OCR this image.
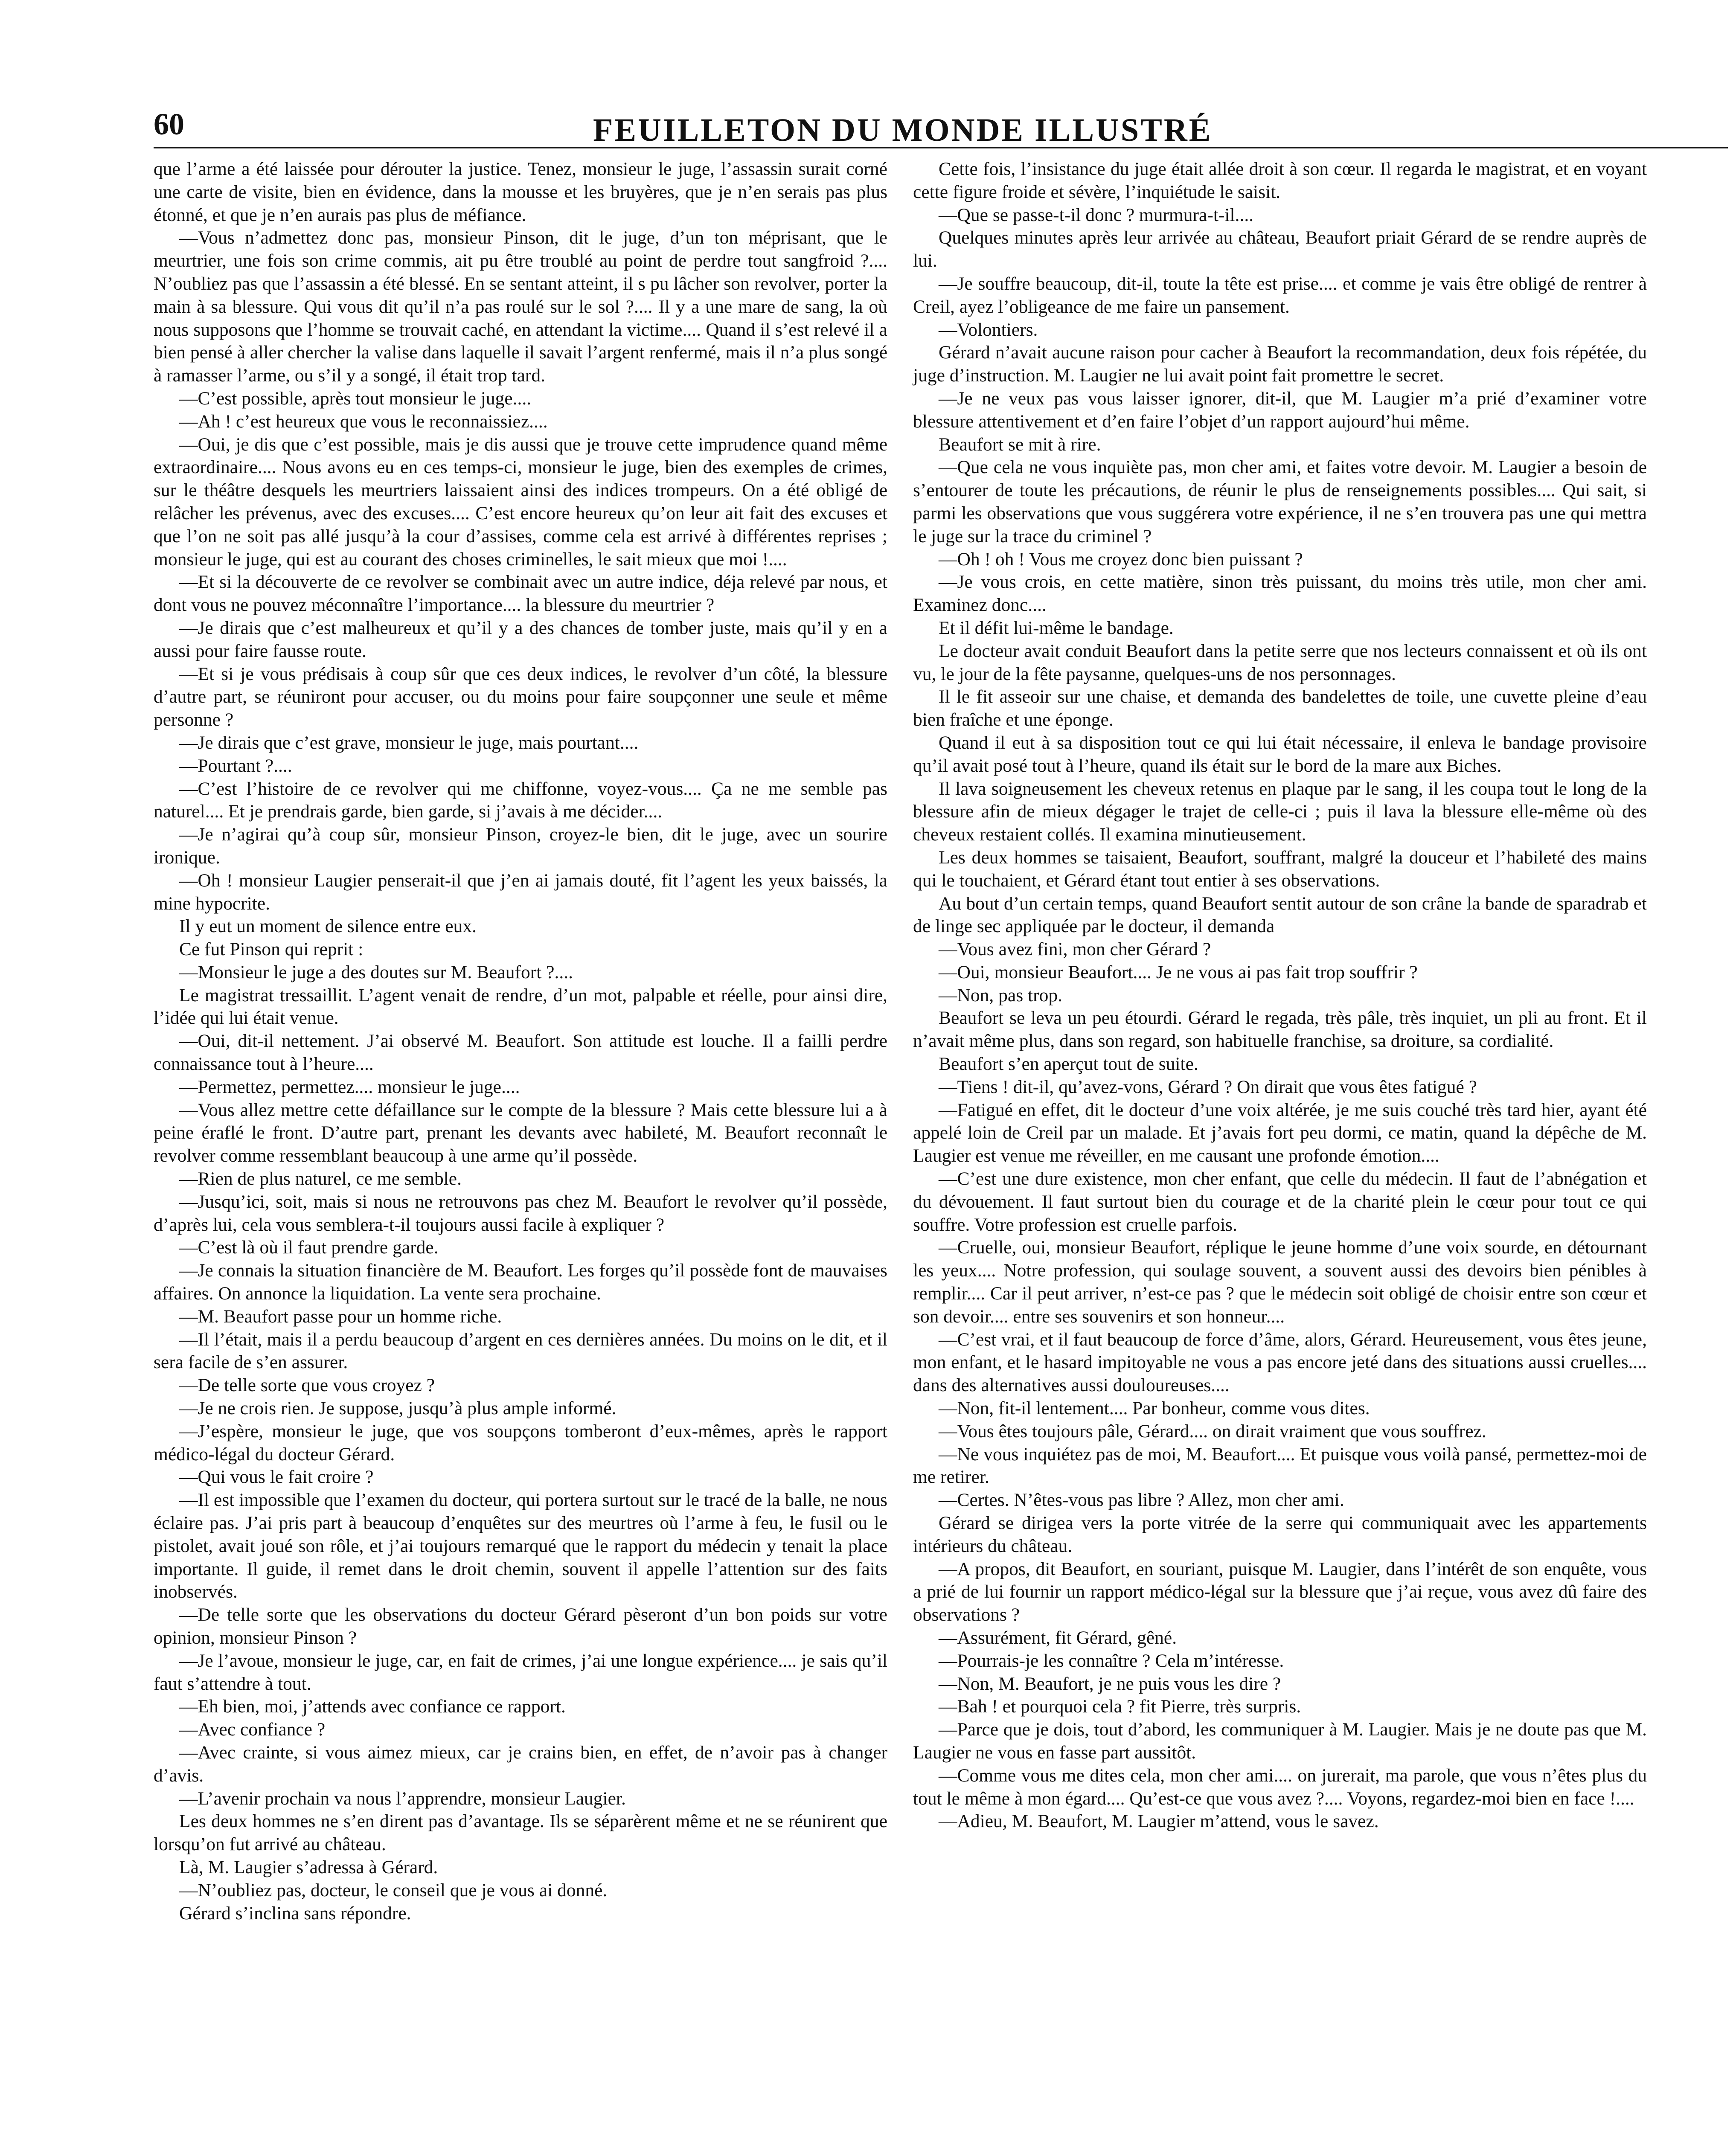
60	FEUILLETON DU MONDE ILLUSTRÉ

que l’arme a été laissée pour dérouter la justice. Tenez, monsieur le juge, l’assassin surait corné une carte de visite, bien en évidence, dans la mousse et les bruyères, que je n’en serais pas plus étonné, et que je n’en aurais pas plus de méfiance.

—Vous n’admettez donc pas, monsieur Pinson, dit le juge, d’un ton méprisant, que le meurtrier, une fois son crime commis, ait pu être troublé au point de perdre tout sangfroid ?.... N’oubliez pas que l’assassin a été blessé. En se sentant atteint, il s pu lâcher son revolver, porter la main à sa blessure. Qui vous dit qu’il n’a pas roulé sur le sol ?.... Il y a une mare de sang, la où nous supposons que l’homme se trouvait caché, en attendant la victime.... Quand il s’est relevé il a bien pensé à aller chercher la valise dans laquelle il savait l’argent renfermé, mais il n’a plus songé à ramasser l’arme, ou s’il y a songé, il était trop tard.

—C’est possible, après tout monsieur le juge....

—Ah ! c’est heureux que vous le reconnaissiez....

—Oui, je dis que c’est possible, mais je dis aussi que je trouve cette imprudence quand même extraordinaire.... Nous avons eu en ces temps-ci, monsieur le juge, bien des exemples de crimes, sur le théâtre desquels les meurtriers laissaient ainsi des indices trompeurs. On a été obligé de relâcher les prévenus, avec des excuses.... C’est encore heureux qu’on leur ait fait des excuses et que l’on ne soit pas allé jusqu’à la cour d’assises, comme cela est arrivé à différentes reprises ; monsieur le juge, qui est au courant des choses criminelles, le sait mieux que moi !....

—Et si la découverte de ce revolver se combinait avec un autre indice, déja relevé par nous, et dont vous ne pouvez méconnaître l’importance.... la blessure du meurtrier ?

—Je dirais que c’est malheureux et qu’il y a des chances de tomber juste, mais qu’il y en a aussi pour faire fausse route.

—Et si je vous prédisais à coup sûr que ces deux indices, le revolver d’un côté, la blessure d’autre part, se réuniront pour accuser, ou du moins pour faire soupçonner une seule et même personne ?

—Je dirais que c’est grave, monsieur le juge, mais pourtant....

—Pourtant ?....

—C’est l’histoire de ce revolver qui me chiffonne, voyez-vous.... Ça ne me semble pas naturel.... Et je prendrais garde, bien garde, si j’avais à me décider....

—Je n’agirai qu’à coup sûr, monsieur Pinson, croyez-le bien, dit le juge, avec un sourire ironique.

—Oh ! monsieur Laugier penserait-il que j’en ai jamais douté, fit l’agent les yeux baissés, la mine hypocrite.

Il y eut un moment de silence entre eux.

Ce fut Pinson qui reprit :

—Monsieur le juge a des doutes sur M. Beaufort ?....

Le magistrat tressaillit. L’agent venait de rendre, d’un mot, palpable et réelle, pour ainsi dire, l’idée qui lui était venue.

—Oui, dit-il nettement. J’ai observé M. Beaufort. Son attitude est louche. Il a failli perdre connaissance tout à l’heure....

—Permettez, permettez.... monsieur le juge....

—Vous allez mettre cette défaillance sur le compte de la blessure ? Mais cette blessure lui a à peine éraflé le front. D’autre part, prenant les devants avec habileté, M. Beaufort reconnaît le revolver comme ressemblant beaucoup à une arme qu’il possède.

—Rien de plus naturel, ce me semble.

—Jusqu’ici, soit, mais si nous ne retrouvons pas chez M. Beaufort le revolver qu’il possède, d’après lui, cela vous semblera-t-il toujours aussi facile à expliquer ?

—C’est là où il faut prendre garde.

—Je connais la situation financière de M. Beaufort. Les forges qu’il possède font de mauvaises affaires. On annonce la liquidation. La vente sera prochaine.

—M. Beaufort passe pour un homme riche.

—Il l’était, mais il a perdu beaucoup d’argent en ces dernières années. Du moins on le dit, et il sera facile de s’en assurer.

—De telle sorte que vous croyez ?

—Je ne crois rien. Je suppose, jusqu’à plus ample informé.

—J’espère, monsieur le juge, que vos soupçons tomberont d’eux-mêmes, après le rapport médico-légal du docteur Gérard.

—Qui vous le fait croire ?

—Il est impossible que l’examen du docteur, qui portera surtout sur le tracé de la balle, ne nous éclaire pas. J’ai pris part à beaucoup d’enquêtes sur des meurtres où l’arme à feu, le fusil ou le pistolet, avait joué son rôle, et j’ai toujours remarqué que le rapport du médecin y tenait la place importante. Il guide, il remet dans le droit chemin, souvent il appelle l’attention sur des faits inobservés.

—De telle sorte que les observations du docteur Gérard pèseront d’un bon poids sur votre opinion, monsieur Pinson ?

—Je l’avoue, monsieur le juge, car, en fait de crimes, j’ai une longue expérience.... je sais qu’il faut s’attendre à tout.

—Eh bien, moi, j’attends avec confiance ce rapport.

—Avec confiance ?

—Avec crainte, si vous aimez mieux, car je crains bien, en effet, de n’avoir pas à changer d’avis.

—L’avenir prochain va nous l’apprendre, monsieur Laugier.

Les deux hommes ne s’en dirent pas d’avantage. Ils se séparèrent même et ne se réunirent que lorsqu’on fut arrivé au château.

Là, M. Laugier s’adressa à Gérard.

—N’oubliez pas, docteur, le conseil que je vous ai donné.

Gérard s’inclina sans répondre.

Cette fois, l’insistance du juge était allée droit à son cœur. Il regarda le magistrat, et en voyant cette figure froide et sévère, l’inquiétude le saisit.

—Que se passe-t-il donc ? murmura-t-il....

Quelques minutes après leur arrivée au château, Beaufort priait Gérard de se rendre auprès de lui.

—Je souffre beaucoup, dit-il, toute la tête est prise.... et comme je vais être obligé de rentrer à Creil, ayez l’obligeance de me faire un pansement.

—Volontiers.

Gérard n’avait aucune raison pour cacher à Beaufort la recommandation, deux fois répétée, du juge d’instruction. M. Laugier ne lui avait point fait promettre le secret.

—Je ne veux pas vous laisser ignorer, dit-il, que M. Laugier m’a prié d’examiner votre blessure attentivement et d’en faire l’objet d’un rapport aujourd’hui même.

Beaufort se mit à rire.

—Que cela ne vous inquiète pas, mon cher ami, et faites votre devoir. M. Laugier a besoin de s’entourer de toute les précautions, de réunir le plus de renseignements possibles.... Qui sait, si parmi les observations que vous suggérera votre expérience, il ne s’en trouvera pas une qui mettra le juge sur la trace du criminel ?

—Oh ! oh ! Vous me croyez donc bien puissant ?

—Je vous crois, en cette matière, sinon très puissant, du moins très utile, mon cher ami. Examinez donc....

Et il défit lui-même le bandage.

Le docteur avait conduit Beaufort dans la petite serre que nos lecteurs connaissent et où ils ont vu, le jour de la fête paysanne, quelques-uns de nos personnages.

Il le fit asseoir sur une chaise, et demanda des bandelettes de toile, une cuvette pleine d’eau bien fraîche et une éponge.

Quand il eut à sa disposition tout ce qui lui était nécessaire, il enleva le bandage provisoire qu’il avait posé tout à l’heure, quand ils était sur le bord de la mare aux Biches.

Il lava soigneusement les cheveux retenus en plaque par le sang, il les coupa tout le long de la blessure afin de mieux dégager le trajet de celle-ci ; puis il lava la blessure elle-même où des cheveux restaient collés. Il examina minutieusement.

Les deux hommes se taisaient, Beaufort, souffrant, malgré la douceur et l’habileté des mains qui le touchaient, et Gérard étant tout entier à ses observations.

Au bout d’un certain temps, quand Beaufort sentit autour de son crâne la bande de sparadrab et de linge sec appliquée par le docteur, il demanda

—Vous avez fini, mon cher Gérard ?

—Oui, monsieur Beaufort.... Je ne vous ai pas fait trop souffrir ?

—Non, pas trop.

Beaufort se leva un peu étourdi. Gérard le regada, très pâle, très inquiet, un pli au front. Et il n’avait même plus, dans son regard, son habituelle franchise, sa droiture, sa cordialité.

Beaufort s’en aperçut tout de suite.

—Tiens ! dit-il, qu’avez-vons, Gérard ? On dirait que vous êtes fatigué ?

—Fatigué en effet, dit le docteur d’une voix altérée, je me suis couché très tard hier, ayant été appelé loin de Creil par un malade. Et j’avais fort peu dormi, ce matin, quand la dépêche de M. Laugier est venue me réveiller, en me causant une profonde émotion....

—C’est une dure existence, mon cher enfant, que celle du médecin. Il faut de l’abnégation et du dévouement. Il faut surtout bien du courage et de la charité plein le cœur pour tout ce qui souffre. Votre profession est cruelle parfois.

—Cruelle, oui, monsieur Beaufort, réplique le jeune homme d’une voix sourde, en détournant les yeux.... Notre profession, qui soulage souvent, a souvent aussi des devoirs bien pénibles à remplir.... Car il peut arriver, n’est-ce pas ? que le médecin soit obligé de choisir entre son cœur et son devoir.... entre ses souvenirs et son honneur....

—C’est vrai, et il faut beaucoup de force d’âme, alors, Gérard. Heureusement, vous êtes jeune, mon enfant, et le hasard impitoyable ne vous a pas encore jeté dans des situations aussi cruelles.... dans des alternatives aussi douloureuses....

—Non, fit-il lentement.... Par bonheur, comme vous dites.

—Vous êtes toujours pâle, Gérard.... on dirait vraiment que vous souffrez.

—Ne vous inquiétez pas de moi, M. Beaufort.... Et puisque vous voilà pansé, permettez-moi de me retirer.

—Certes. N’êtes-vous pas libre ? Allez, mon cher ami.

Gérard se dirigea vers la porte vitrée de la serre qui communiquait avec les appartements intérieurs du château.

—A propos, dit Beaufort, en souriant, puisque M. Laugier, dans l’intérêt de son enquête, vous a prié de lui fournir un rapport médico-légal sur la blessure que j’ai reçue, vous avez dû faire des observations ?

—Assurément, fit Gérard, gêné.

—Pourrais-je les connaître ? Cela m’intéresse.

—Non, M. Beaufort, je ne puis vous les dire ?

—Bah ! et pourquoi cela ? fit Pierre, très surpris.

—Parce que je dois, tout d’abord, les communiquer à M. Laugier. Mais je ne doute pas que M. Laugier ne vous en fasse part aussitôt.

—Comme vous me dites cela, mon cher ami.... on jurerait, ma parole, que vous n’êtes plus du tout le même à mon égard.... Qu’est-ce que vous avez ?.... Voyons, regardez-moi bien en face !....

—Adieu, M. Beaufort, M. Laugier m’attend, vous le savez.
